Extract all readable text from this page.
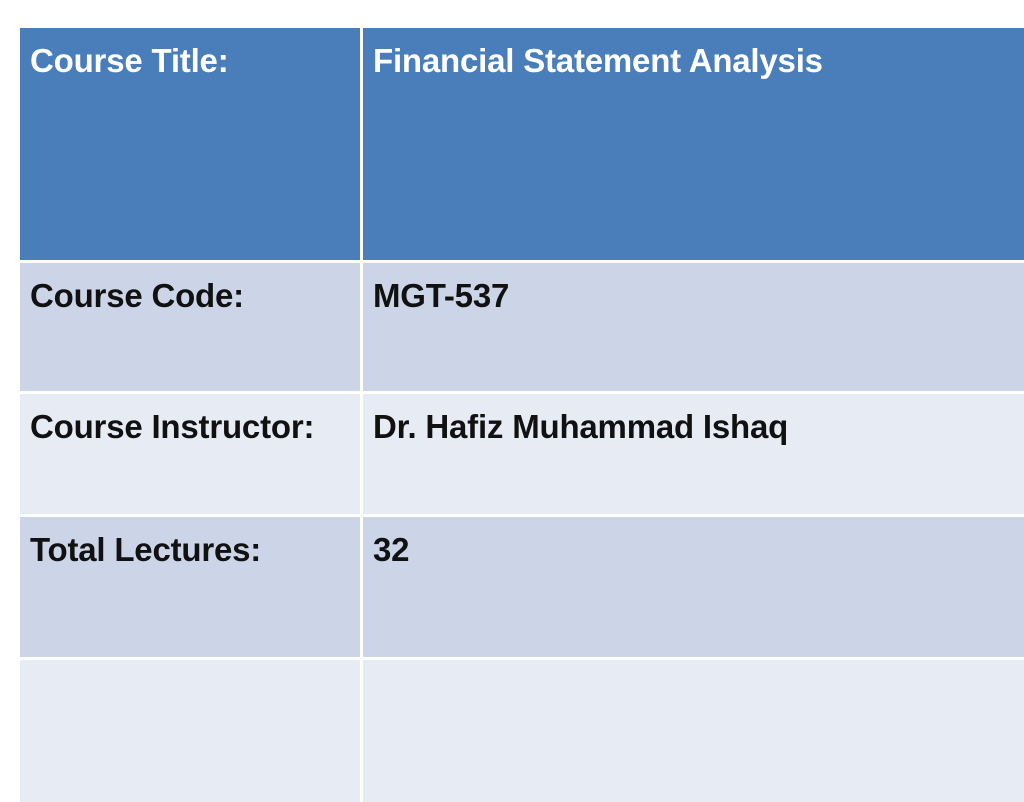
Course Title:	Financial Statement Analysis

Course Code:	MGT-537

Course Instructor:	Dr. Hafiz Muhammad Ishaq

Total Lectures:	32
